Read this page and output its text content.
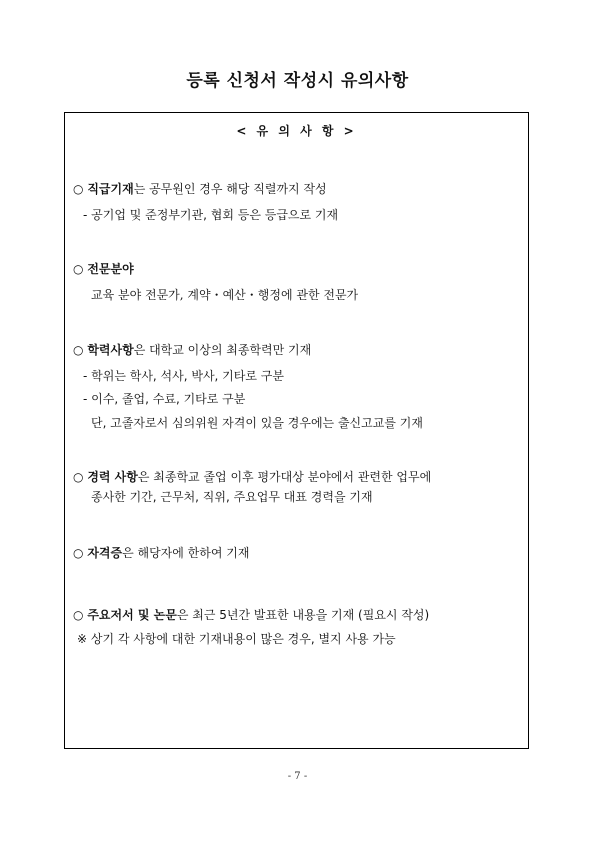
등록 신청서 작성시 유의사항
< 유 의 사 항 >
○ 직급기재는 공무원인 경우 해당 직렬까지 작성
- 공기업 및 준정부기관, 협회 등은 등급으로 기재
○ 전문분야
교육 분야 전문가, 계약・예산・행정에 관한 전문가
○ 학력사항은 대학교 이상의 최종학력만 기재
- 학위는 학사, 석사, 박사, 기타로 구분
- 이수, 졸업, 수료, 기타로 구분
단, 고졸자로서 심의위원 자격이 있을 경우에는 출신고교를 기재
○ 경력 사항은 최종학교 졸업 이후 평가대상 분야에서 관련한 업무에
종사한 기간, 근무처, 직위, 주요업무 대표 경력을 기재
○ 자격증은 해당자에 한하여 기재
○ 주요저서 및 논문은 최근 5년간 발표한 내용을 기재 (필요시 작성)
※ 상기 각 사항에 대한 기재내용이 많은 경우, 별지 사용 가능
- 7 -
